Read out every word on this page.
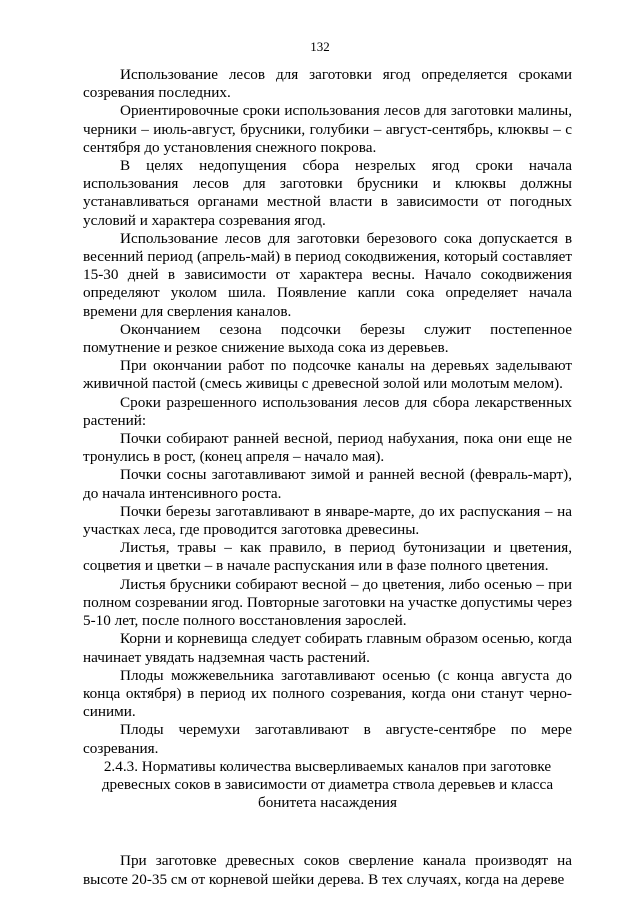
132

Использование лесов для заготовки ягод определяется сроками созревания последних.

Ориентировочные сроки использования лесов для заготовки малины, черники – июль-август, брусники, голубики – август-сентябрь, клюквы – с сентября до установления снежного покрова.

В целях недопущения сбора незрелых ягод сроки начала использования лесов для заготовки брусники и клюквы должны устанавливаться органами местной власти в зависимости от погодных условий и характера созревания ягод.

Использование лесов для заготовки березового сока допускается в весенний период (апрель-май) в период сокодвижения, который составляет 15-30 дней в зависимости от характера весны. Начало сокодвижения определяют уколом шила. Появление капли сока определяет начала времени для сверления каналов.

Окончанием сезона подсочки березы служит постепенное помутнение и резкое снижение выхода сока из деревьев.

При окончании работ по подсочке каналы на деревьях заделывают живичной пастой (смесь живицы с древесной золой или молотым мелом).

Сроки разрешенного использования лесов для сбора лекарственных растений:

Почки собирают ранней весной, период набухания, пока они еще не тронулись в рост, (конец апреля – начало мая).

Почки сосны заготавливают зимой и ранней весной (февраль-март), до начала интенсивного роста.

Почки березы заготавливают в январе-марте, до их распускания – на участках леса, где проводится заготовка древесины.

Листья, травы – как правило, в период бутонизации и цветения, соцветия и цветки – в начале распускания или в фазе полного цветения.

Листья брусники собирают весной – до цветения, либо осенью – при полном созревании ягод. Повторные заготовки на участке допустимы через 5-10 лет, после полного восстановления зарослей.

Корни и корневища следует собирать главным образом осенью, когда начинает увядать надземная часть растений.

Плоды можжевельника заготавливают осенью (с конца августа до конца октября) в период их полного созревания, когда они станут черно-синими.

Плоды черемухи заготавливают в августе-сентябре по мере созревания.

2.4.3. Нормативы количества высверливаемых каналов при заготовке древесных соков в зависимости от диаметра ствола деревьев и класса бонитета насаждения

При заготовке древесных соков сверление канала производят на высоте 20-35 см от корневой шейки дерева. В тех случаях, когда на дереве
